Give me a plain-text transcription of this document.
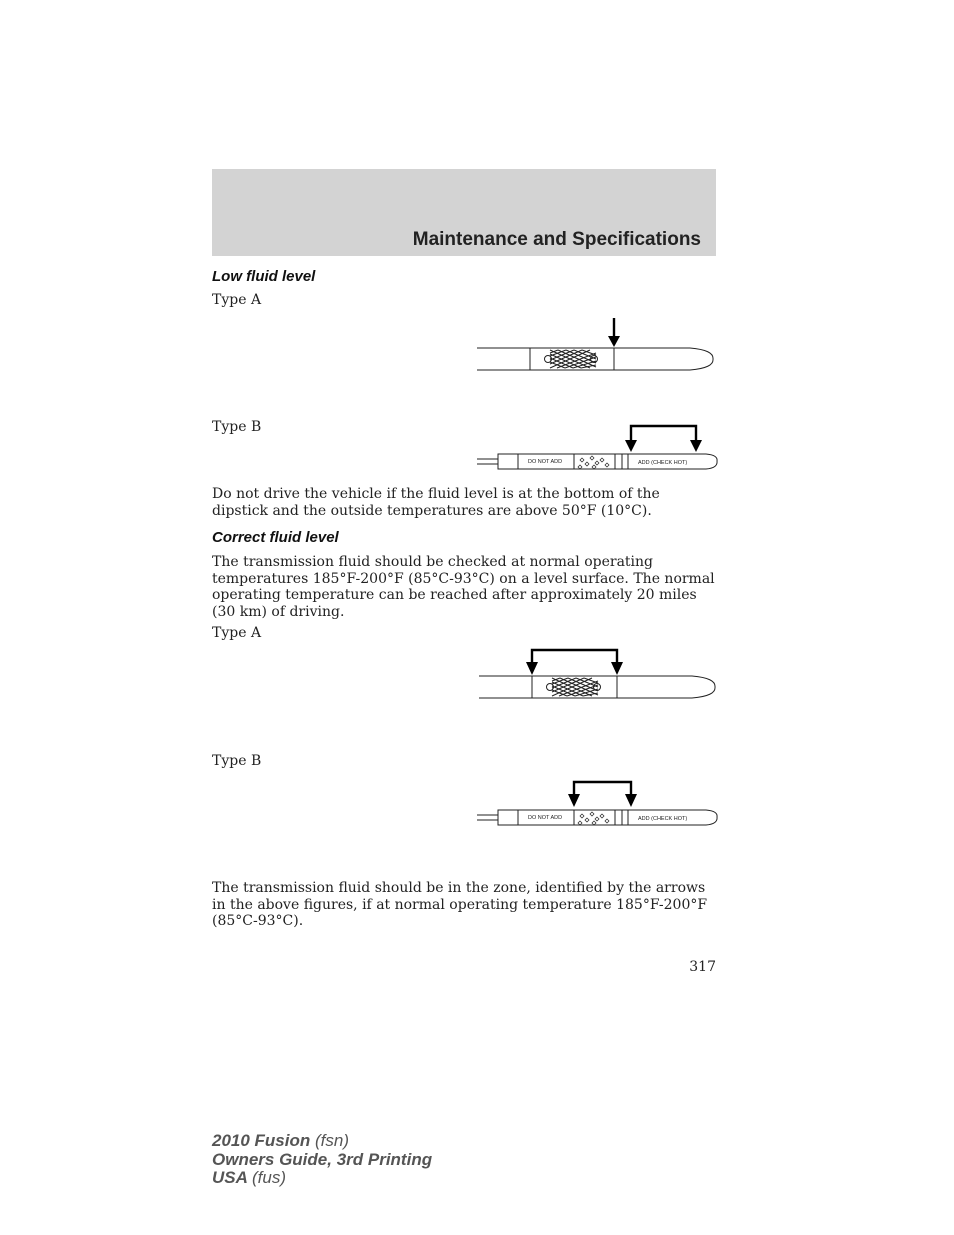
Maintenance and Specifications
Low fluid level
Type A
Type B
DO NOT ADD	ADD (CHECK HOT)
Do not drive the vehicle if the fluid level is at the bottom of the dipstick and the outside temperatures are above 50°F (10°C).
Correct fluid level
The transmission fluid should be checked at normal operating temperatures 185°F-200°F (85°C-93°C) on a level surface. The normal operating temperature can be reached after approximately 20 miles (30 km) of driving.
Type A
Type B
DO NOT ADD	ADD (CHECK HOT)
The transmission fluid should be in the zone, identified by the arrows in the above figures, if at normal operating temperature 185°F-200°F (85°C-93°C).
317
2010 Fusion (fsn)
Owners Guide, 3rd Printing
USA (fus)
